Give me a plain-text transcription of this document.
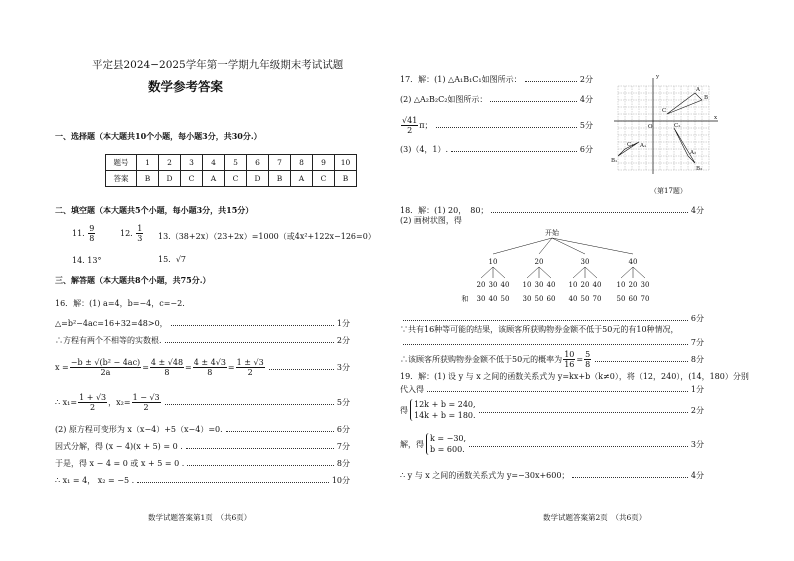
平定县2024−2025学年第一学期九年级期末考试试题
数学参考答案
一、选择题（本大题共10个小题，每小题3分，共30分.）
题号	1	2	3	4	5	6	7	8	9	10
答案	B	D	C	A	C	D	B	A	C	B
二、填空题（本大题共5个小题，每小题3分，共15分）
11.
$\frac{9}{8}$	12.
$\frac{1}{3} 13.(38+2x)(23+2x)=1000$（或4x²+122x−126=0）
14. 13°	15.
√7
三、解答题（本大题共8个小题，共75分.）
16．解：(1) a=4，b=−4，c=−2.
△=b²−4ac=16+32=48>0，	1分
∴方程有两个不相等的实数根.	2分
$x = \frac{\text{−b ± √(b² − 4ac)}}{2a} = \frac{4 \pm √48}{8} = \frac{4 \pm 4√3}{8} = \frac{1 \pm √3}{2}$	3分
∴ $x_1= \frac{1 + √3}{2}$ ，$x_2= \frac{1 - √3}{2}$	5分
(2) 原方程可变形为 x（x−4）+5（x−4）=0.	6分
因式分解，得 (x − 4)(x + 5) = 0 .	7分
于是，得 x − 4 = 0 或 x + 5 = 0 .	8分
∴ x₁ = 4， x₂ = −5 .	10分
数学试题答案第1页　（共6页）
17．解：(1) △A₁B₁C₁如图所示：	2分
(2) △A₂B₂C₂如图所示：	4分
$\frac{√41}{2}$ π；	5分
(3)（4，1）.	6分
y
x
O
A
B
C
A₁
B₁
C₁
A₂
B₂
C₂
（第17题）
18．解：(1) 20，　80；	4分
(2) 画树状图，得
开始
10	20	30	40
20 30 40 10 30 40 10 20 40 10 20 30
和 30 40 50 30 50 60 40 50 70 50 60 70
6分
∵共有16种等可能的结果，该顾客所获购物券金额不低于50元的有10种情况，
7分
∴该顾客所获购物券金额不低于50元的概率为 $\frac{10}{16} = \frac{5}{8}$	8分
19．解：(1) 设 y 与 x 之间的函数关系式为 y=kx+b（k≠0），将（12，240），(14，180）分别
代入得	1分
得
12k + b = 240,
14k + b = 180.
2分
解，得
k = −30,
b = 600.
3分
∴ y 与 x 之间的函数关系式为 y=−30x+600；	4分
数学试题答案第2页　（共6页）
